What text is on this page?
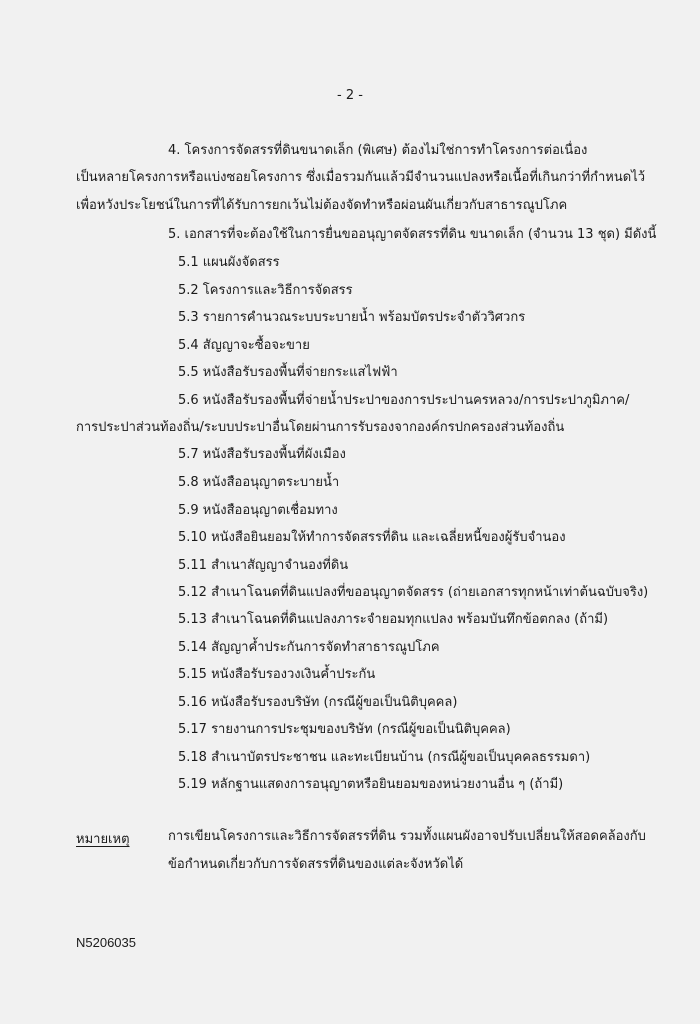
- 2 -
4. โครงการจัดสรรที่ดินขนาดเล็ก (พิเศษ) ต้องไม่ใช่การทำโครงการต่อเนื่อง
เป็นหลายโครงการหรือแบ่งซอยโครงการ ซึ่งเมื่อรวมกันแล้วมีจำนวนแปลงหรือเนื้อที่เกินกว่าที่กำหนดไว้
เพื่อหวังประโยชน์ในการที่ได้รับการยกเว้นไม่ต้องจัดทำหรือผ่อนผันเกี่ยวกับสาธารณูปโภค
5. เอกสารที่จะต้องใช้ในการยื่นขออนุญาตจัดสรรที่ดิน ขนาดเล็ก (จำนวน 13 ชุด) มีดังนี้
5.1 แผนผังจัดสรร
5.2 โครงการและวิธีการจัดสรร
5.3 รายการคำนวณระบบระบายน้ำ พร้อมบัตรประจำตัววิศวกร
5.4 สัญญาจะซื้อจะขาย
5.5 หนังสือรับรองพื้นที่จ่ายกระแสไฟฟ้า
5.6 หนังสือรับรองพื้นที่จ่ายน้ำประปาของการประปานครหลวง/การประปาภูมิภาค/
การประปาส่วนท้องถิ่น/ระบบประปาอื่นโดยผ่านการรับรองจากองค์กรปกครองส่วนท้องถิ่น
5.7 หนังสือรับรองพื้นที่ผังเมือง
5.8 หนังสืออนุญาตระบายน้ำ
5.9 หนังสืออนุญาตเชื่อมทาง
5.10 หนังสือยินยอมให้ทำการจัดสรรที่ดิน และเฉลี่ยหนี้ของผู้รับจำนอง
5.11 สำเนาสัญญาจำนองที่ดิน
5.12 สำเนาโฉนดที่ดินแปลงที่ขออนุญาตจัดสรร (ถ่ายเอกสารทุกหน้าเท่าต้นฉบับจริง)
5.13 สำเนาโฉนดที่ดินแปลงภาระจำยอมทุกแปลง พร้อมบันทึกข้อตกลง (ถ้ามี)
5.14 สัญญาค้ำประกันการจัดทำสาธารณูปโภค
5.15 หนังสือรับรองวงเงินค้ำประกัน
5.16 หนังสือรับรองบริษัท (กรณีผู้ขอเป็นนิติบุคคล)
5.17 รายงานการประชุมของบริษัท (กรณีผู้ขอเป็นนิติบุคคล)
5.18 สำเนาบัตรประชาชน และทะเบียนบ้าน (กรณีผู้ขอเป็นบุคคลธรรมดา)
5.19 หลักฐานแสดงการอนุญาตหรือยินยอมของหน่วยงานอื่น ๆ (ถ้ามี)
หมายเหตุ	การเขียนโครงการและวิธีการจัดสรรที่ดิน รวมทั้งแผนผังอาจปรับเปลี่ยนให้สอดคล้องกับ
ข้อกำหนดเกี่ยวกับการจัดสรรที่ดินของแต่ละจังหวัดได้
N5206035
